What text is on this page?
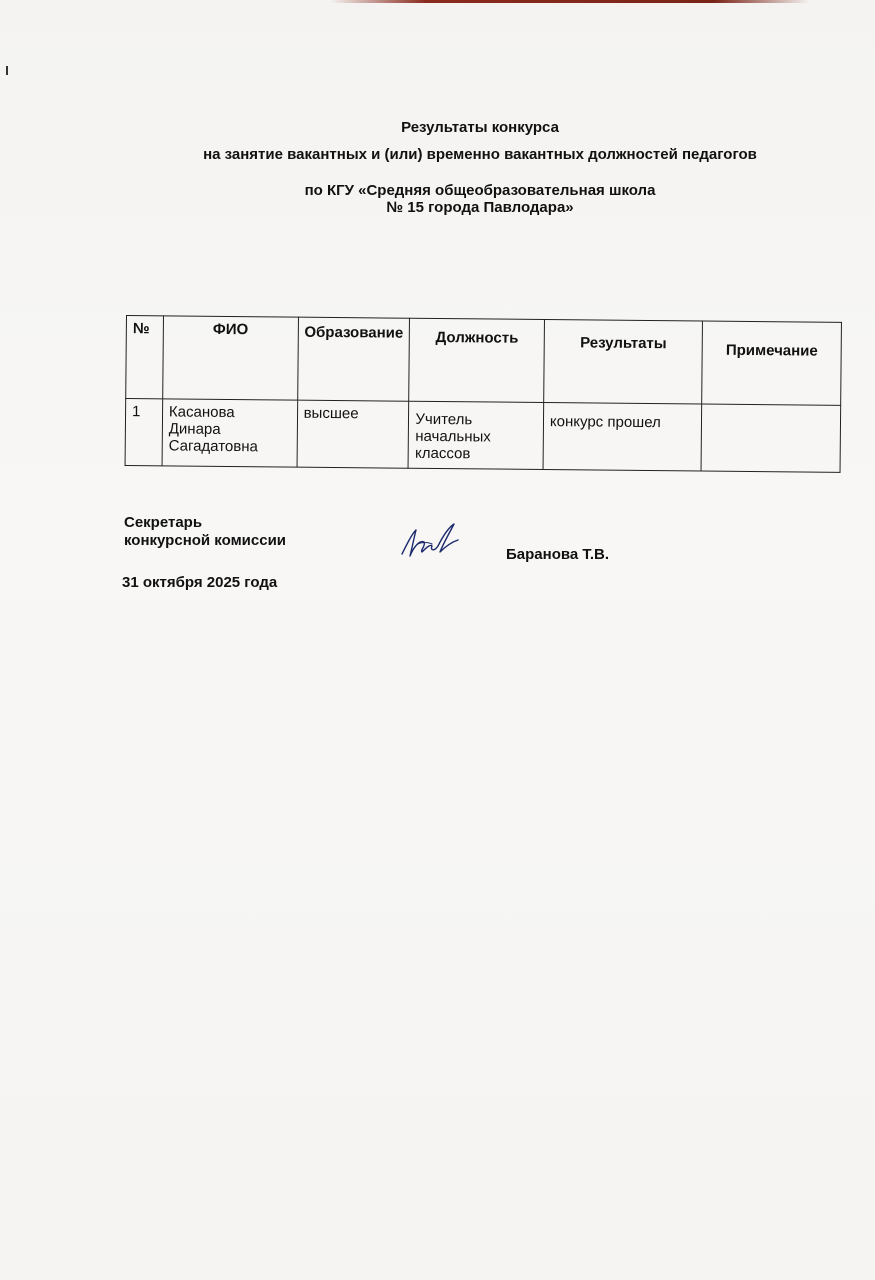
Результаты конкурса
на занятие вакантных и (или) временно вакантных должностей педагогов
по КГУ «Средняя общеобразовательная школа
№ 15 города Павлодара»
№	ФИО	Образование	Должность	Результаты	Примечание
1	Касанова Динара Сагадатовна	высшее	Учитель начальных классов	конкурс прошел	
Секретарь
конкурсной комиссии
31 октября 2025 года
Баранова Т.В.
